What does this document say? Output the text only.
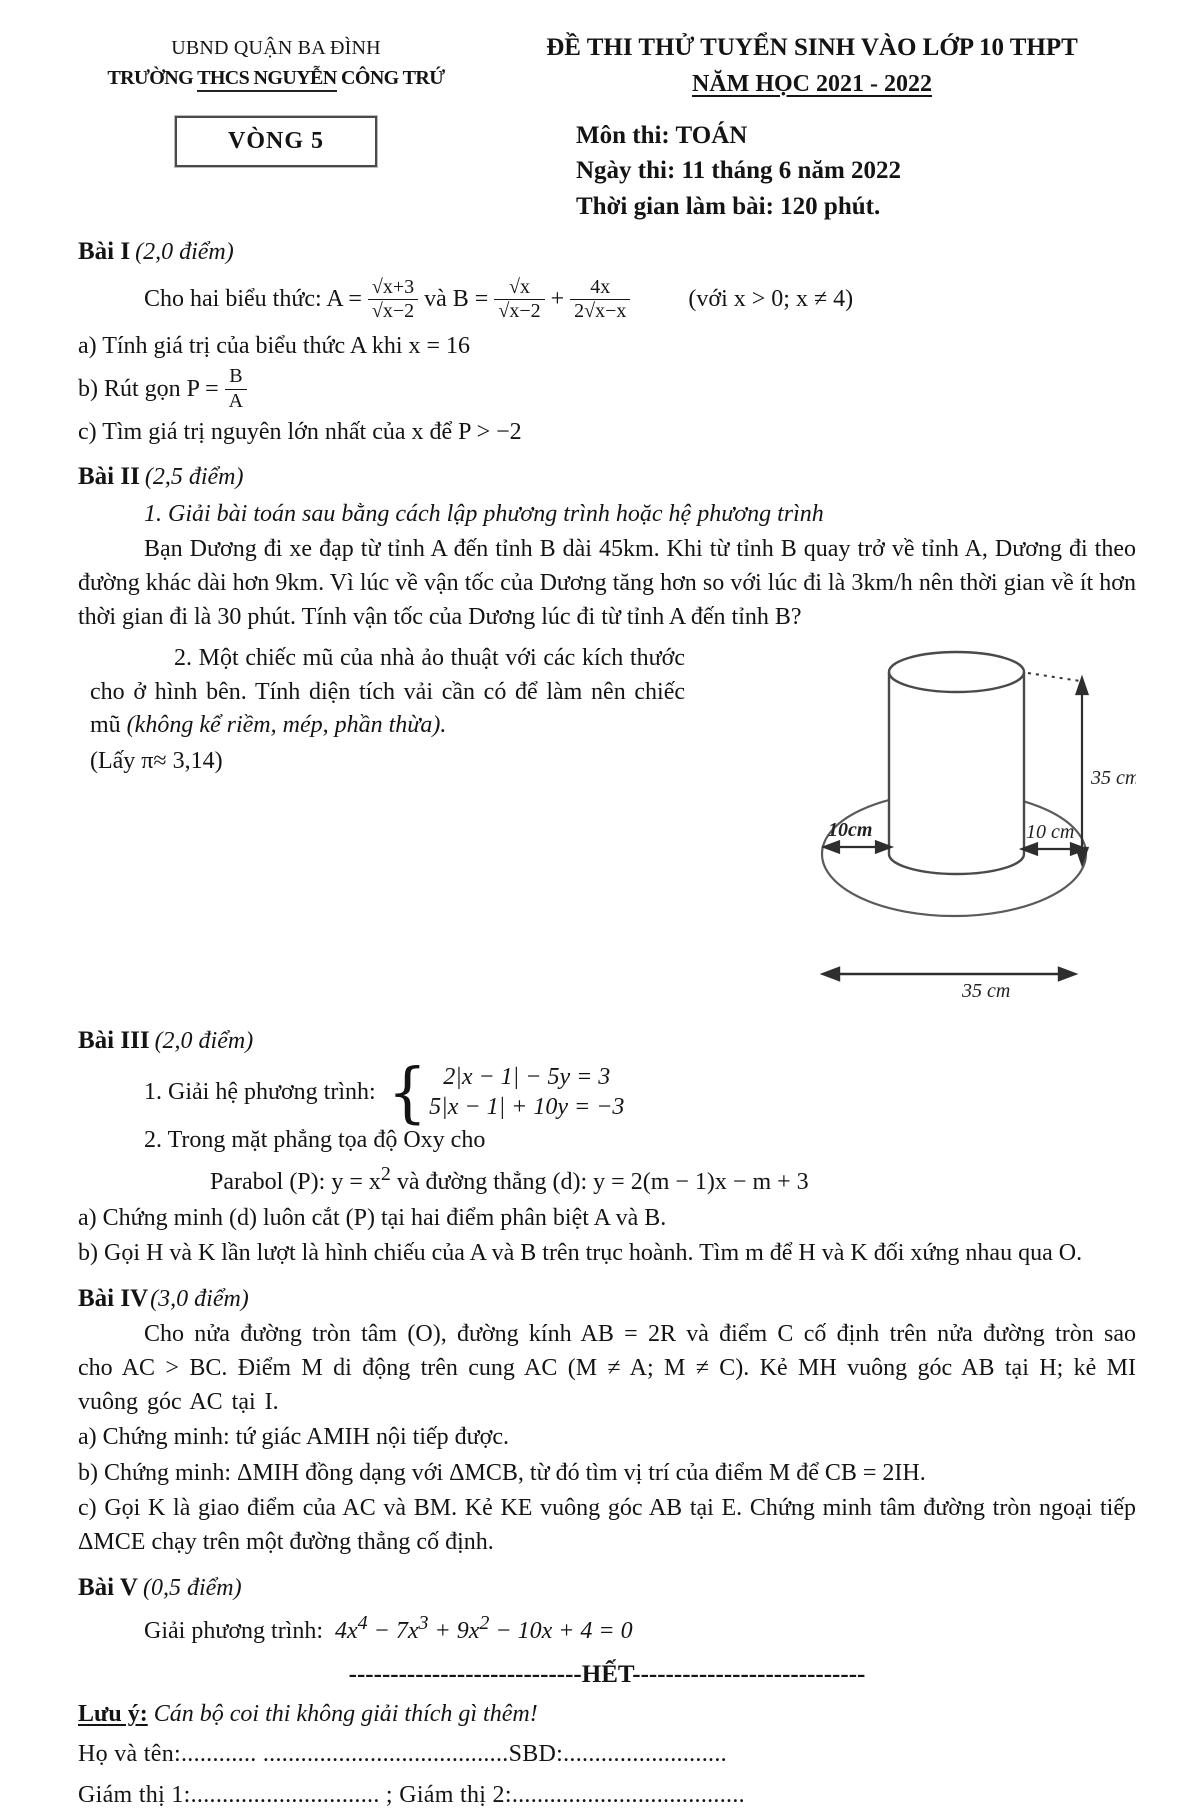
UBND QUẬN BA ĐÌNH
TRƯỜNG THCS NGUYỄN CÔNG TRỨ
VÒNG 5
ĐỀ THI THỬ TUYỂN SINH VÀO LỚP 10 THPT
NĂM HỌC 2021 - 2022
Môn thi: TOÁN
Ngày thi: 11 tháng 6 năm 2022
Thời gian làm bài: 120 phút.
Bài I (2,0 điểm)
Cho hai biểu thức: $A = \frac{√x+3}{√x-2}$ và $B = \frac{√x}{√x-2} + \frac{4x}{2√x-x}$ (với x > 0; x ≠ 4)
a) Tính giá trị của biểu thức A khi x = 16
b) Rút gọn $P = \frac{B}{A}$
c) Tìm giá trị nguyên lớn nhất của x để P > −2
Bài II (2,5 điểm)
1. Giải bài toán sau bằng cách lập phương trình hoặc hệ phương trình
Bạn Dương đi xe đạp từ tỉnh A đến tỉnh B dài 45km. Khi từ tỉnh B quay trở về tỉnh A, Dương đi theo đường khác dài hơn 9km. Vì lúc về vận tốc của Dương tăng hơn so với lúc đi là 3km/h nên thời gian về ít hơn thời gian đi là 30 phút. Tính vận tốc của Dương lúc đi từ tỉnh A đến tỉnh B?
2. Một chiếc mũ của nhà ảo thuật với các kích thước cho ở hình bên. Tính diện tích vải cần có để làm nên chiếc mũ (không kể riềm, mép, phần thừa).
(Lấy π≈ 3,14)
35 cm
10cm	10 cm
35 cm
Bài III (2,0 điểm)
1. Giải hệ phương trình: { 2|x − 1| − 5y = 3
5|x − 1| + 10y = −3
2. Trong mặt phẳng tọa độ Oxy cho
Parabol (P): $y = x^2$ và đường thẳng (d): y = 2(m − 1)x − m + 3
a) Chứng minh (d) luôn cắt (P) tại hai điểm phân biệt A và B.
b) Gọi H và K lần lượt là hình chiếu của A và B trên trục hoành. Tìm m để H và K đối xứng nhau qua O.
Bài IV(3,0 điểm)
Cho nửa đường tròn tâm (O), đường kính AB = 2R và điểm C cố định trên nửa đường tròn sao cho AC > BC. Điểm M di động trên cung AC (M ≠ A; M ≠ C). Kẻ MH vuông góc AB tại H; kẻ MI vuông góc AC tại I.
a) Chứng minh: tứ giác AMIH nội tiếp được.
b) Chứng minh: ΔMIH đồng dạng với ΔMCB, từ đó tìm vị trí của điểm M để CB = 2IH.
c) Gọi K là giao điểm của AC và BM. Kẻ KE vuông góc AB tại E. Chứng minh tâm đường tròn ngoại tiếp ΔMCE chạy trên một đường thẳng cố định.
Bài V (0,5 điểm)
Giải phương trình: $4x^4 - 7x^3 + 9x^2 - 10x + 4 = 0$
----------------------------HẾT----------------------------
Lưu ý: Cán bộ coi thi không giải thích gì thêm!
Họ và tên:............ .......................................SBD:..........................
Giám thị 1:.............................. ; Giám thị 2:.....................................
